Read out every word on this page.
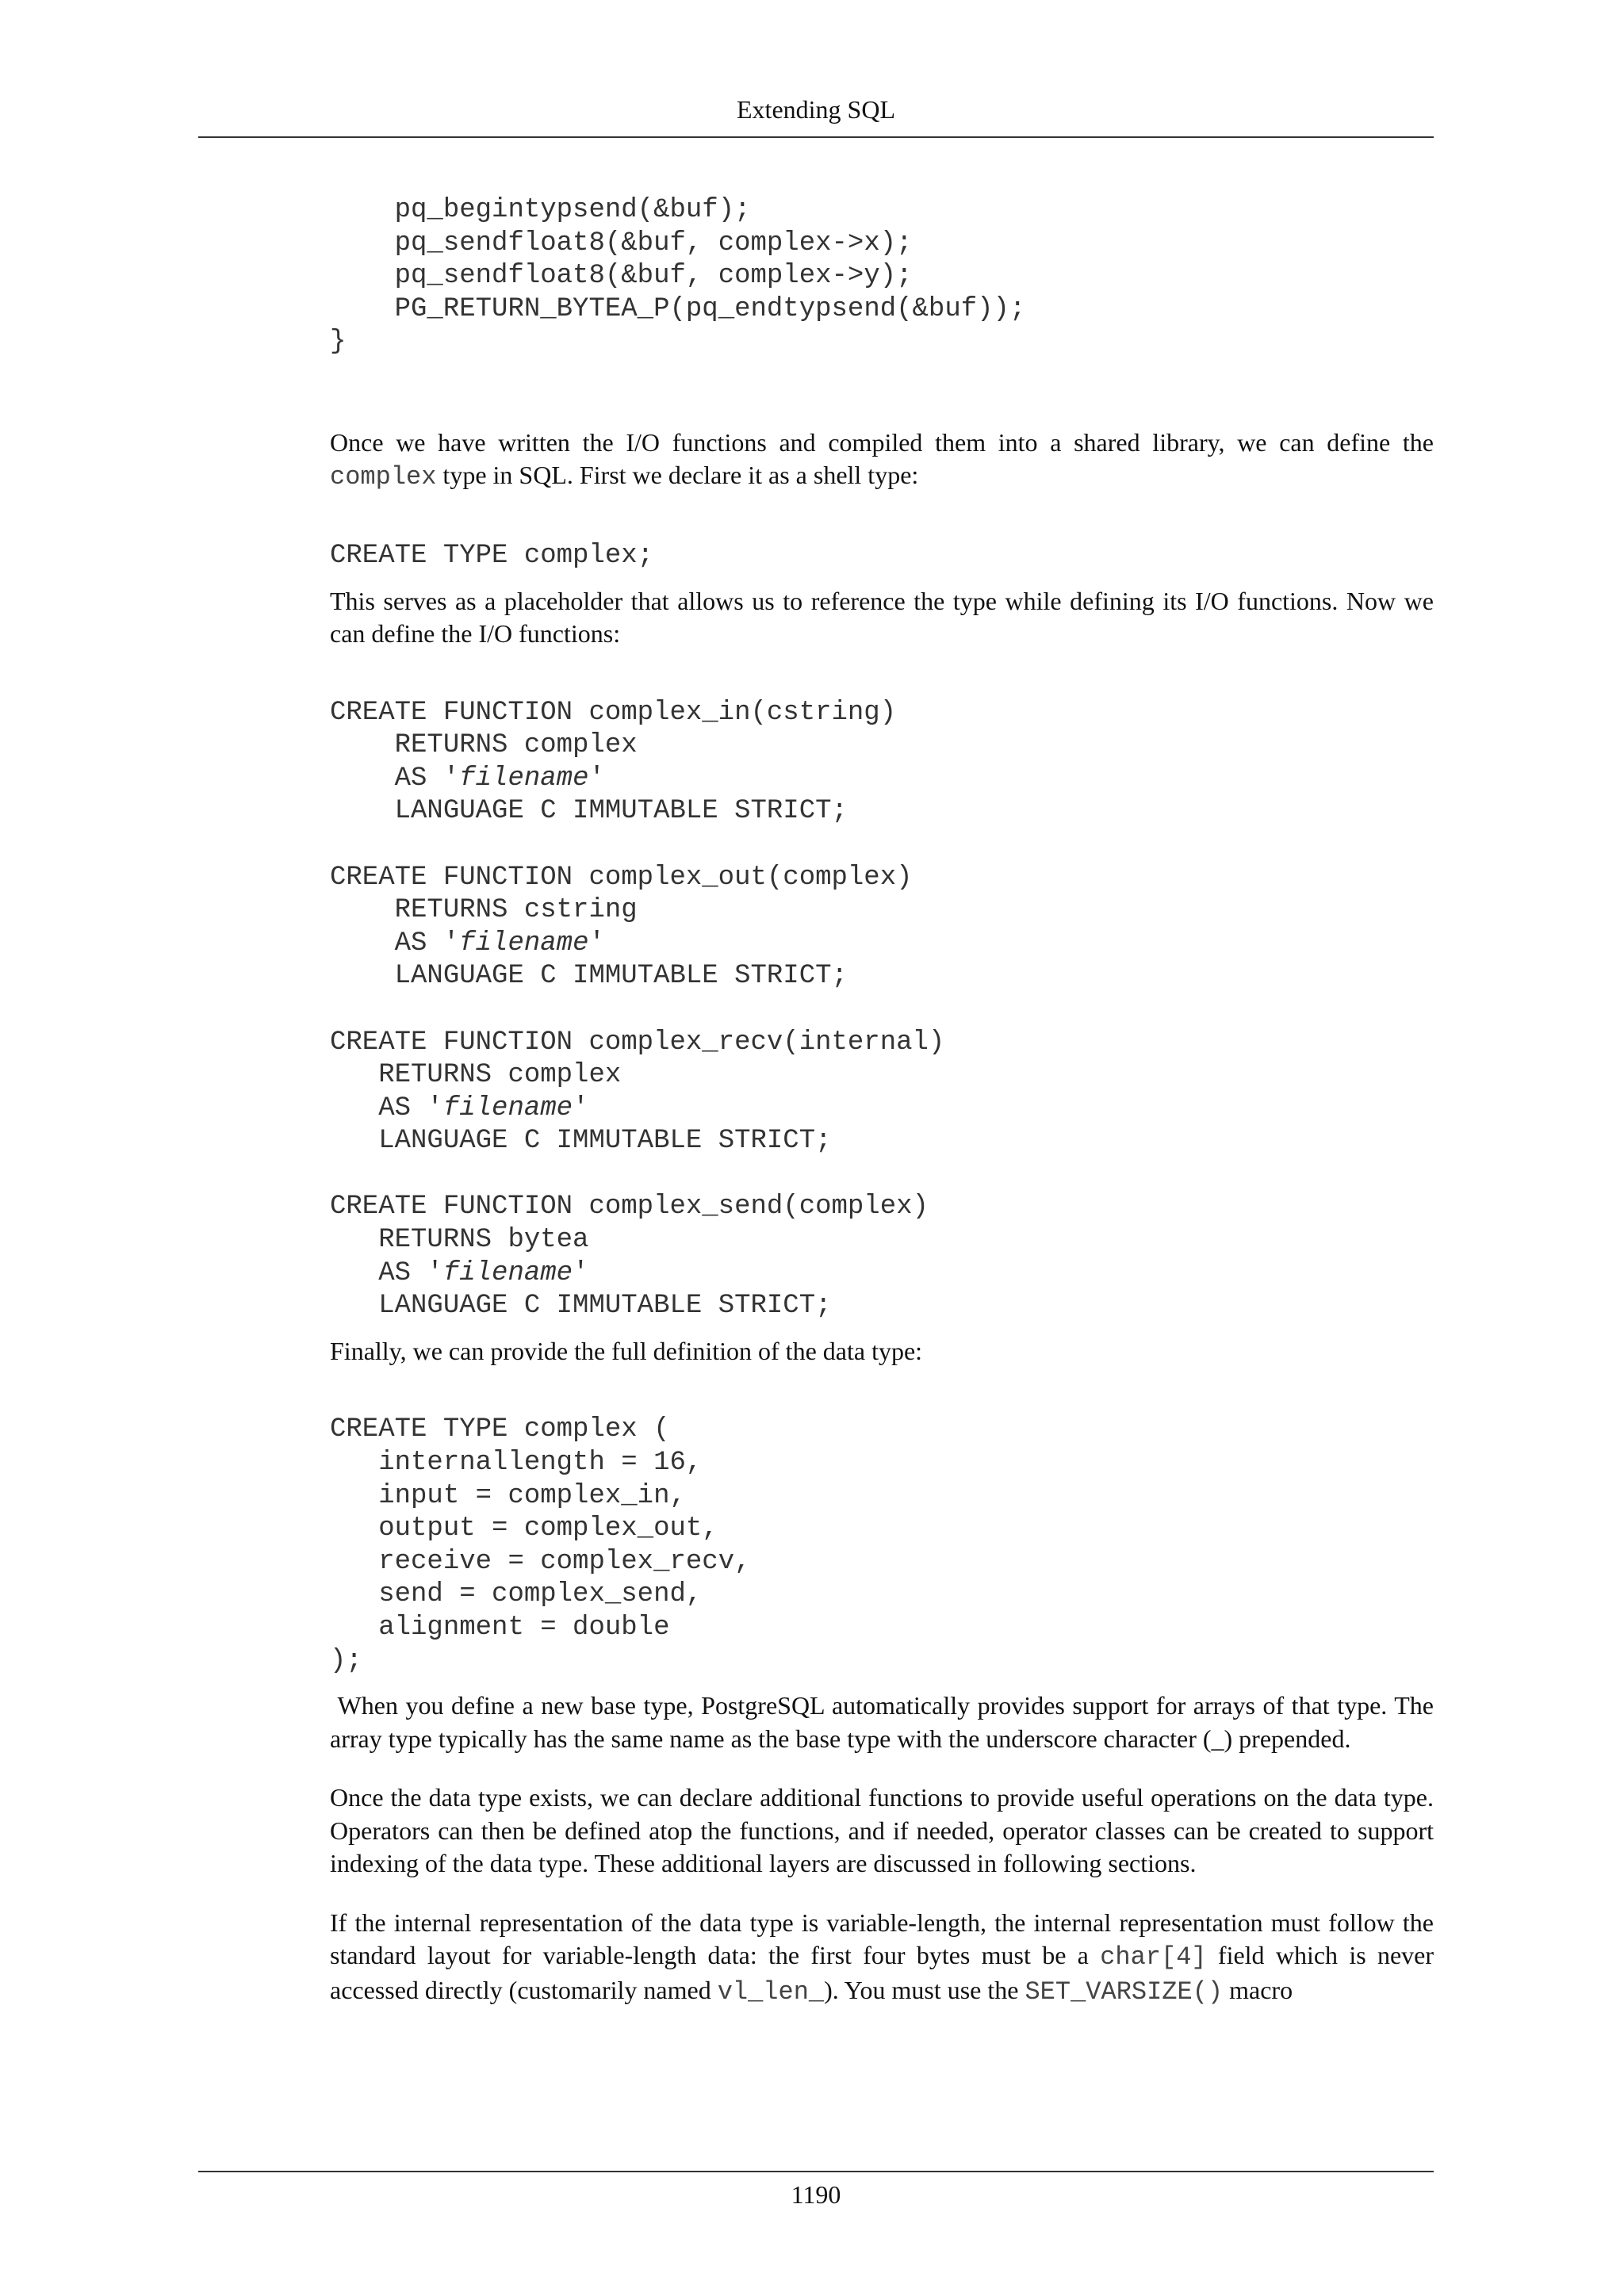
Extending SQL
pq_begintypsend(&buf);
pq_sendfloat8(&buf, complex->x);
pq_sendfloat8(&buf, complex->y);
PG_RETURN_BYTEA_P(pq_endtypsend(&buf));
}

Once we have written the I/O functions and compiled them into a shared library, we can define the complex type in SQL. First we declare it as a shell type:

CREATE TYPE complex;

This serves as a placeholder that allows us to reference the type while defining its I/O functions. Now we can define the I/O functions:

CREATE FUNCTION complex_in(cstring)
RETURNS complex
AS 'filename'
LANGUAGE C IMMUTABLE STRICT;

CREATE FUNCTION complex_out(complex)
RETURNS cstring
AS 'filename'
LANGUAGE C IMMUTABLE STRICT;

CREATE FUNCTION complex_recv(internal)
RETURNS complex
AS 'filename'
LANGUAGE C IMMUTABLE STRICT;

CREATE FUNCTION complex_send(complex)
RETURNS bytea
AS 'filename'
LANGUAGE C IMMUTABLE STRICT;

Finally, we can provide the full definition of the data type:

CREATE TYPE complex (
internallength = 16,
input = complex_in,
output = complex_out,
receive = complex_recv,
send = complex_send,
alignment = double
);

When you define a new base type, PostgreSQL automatically provides support for arrays of that type. The array type typically has the same name as the base type with the underscore character (_) prepended.

Once the data type exists, we can declare additional functions to provide useful operations on the data type. Operators can then be defined atop the functions, and if needed, operator classes can be created to support indexing of the data type. These additional layers are discussed in following sections.

If the internal representation of the data type is variable-length, the internal representation must follow the standard layout for variable-length data: the first four bytes must be a char[4] field which is never accessed directly (customarily named vl_len_). You must use the SET_VARSIZE() macro

1190
